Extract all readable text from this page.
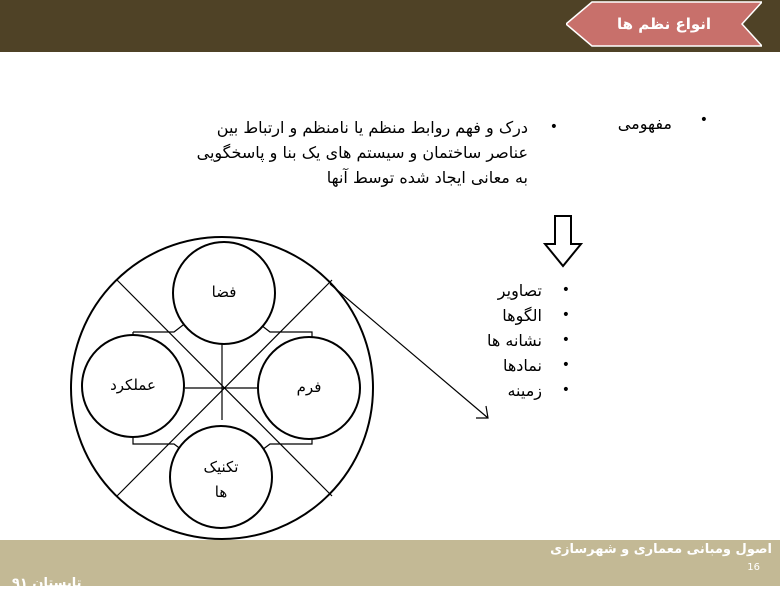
انواع نظم ها
•
مفهومی
•
درک و فهم روابط منظم یا نامنظم و ارتباط بین عناصر ساختمان و سیستم های یک بنا و پاسخگویی به معانی ایجاد شده توسط آنها
•
تصاویر
•
الگوها
•
نشانه ها
•
نمادها
•
زمینه
فضا
فرم
عملکرد
تکنیک ها
اصول ومبانی معماری و شهرسازی
16
تابستان ۹۱
